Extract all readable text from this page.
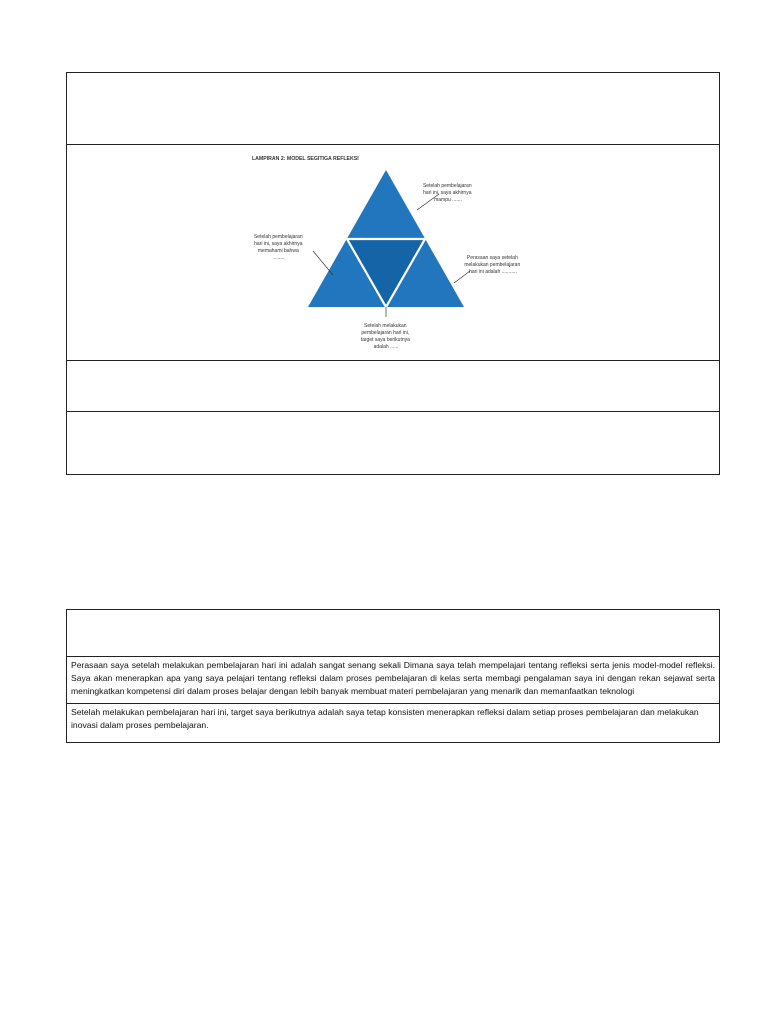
LAMPIRAN 2: MODEL SEGITIGA REFLEKSI
Setelah pembelajaran hari ini, saya akhirnya mampu .......
Setelah pembelajaran hari ini, saya akhirnya memahami bahwa ........	Perasaan saya setelah melakukan pembelajaran hari ini adalah ...........
Setelah melakukan pembelajaran hari ini, target saya berikutnya adalah ......

Perasaan saya setelah melakukan pembelajaran hari ini adalah sangat senang sekali Dimana saya telah mempelajari tentang refleksi serta jenis model-model refleksi. Saya akan menerapkan apa yang saya pelajari tentang refleksi dalam proses pembelajaran di kelas serta membagi pengalaman saya ini dengan rekan sejawat serta meningkatkan kompetensi diri dalam proses belajar dengan lebih banyak membuat materi pembelajaran yang menarik dan memanfaatkan teknologi

Setelah melakukan pembelajaran hari ini, target saya berikutnya adalah saya tetap konsisten menerapkan refleksi dalam setiap proses pembelajaran dan melakukan inovasi dalam proses pembelajaran.
